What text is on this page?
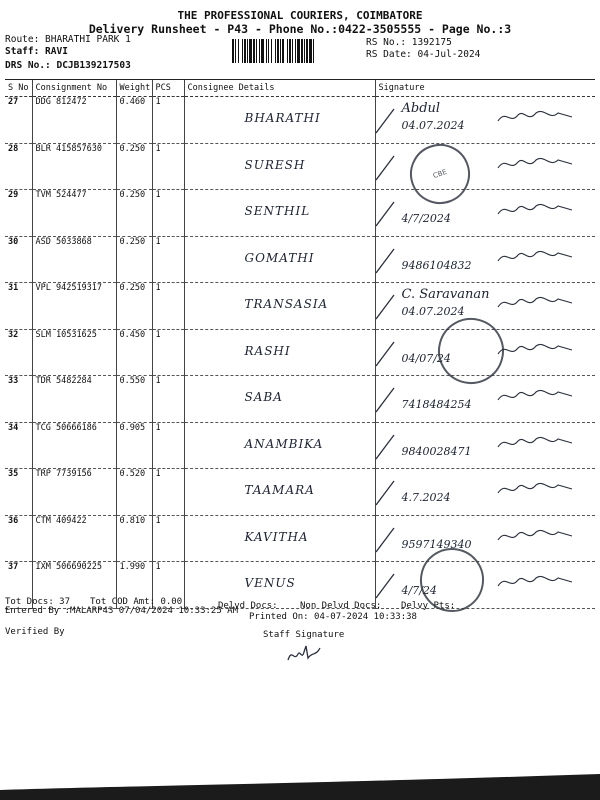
THE PROFESSIONAL COURIERS, COIMBATORE
Delivery Runsheet - P43 - Phone No.:0422-3505555 - Page No.:3
Route: BHARATHI PARK 1
Staff: RAVI
DRS No.: DCJB139217503
RS No.: 1392175
RS Date: 04-Jul-2024
S No	Consignment No	Weight	PCS	Consignee Details	Signature
27	DDG 812472	0.460	1	BHARATHI	Abdul
04.07.2024

28	BLR 415857630	0.250	1	SURESH

29	TVM 524477	0.250	1	SENTHIL	4/7/2024

30	ASD 5033868	0.250	1	GOMATHI	9486104832

31	VPL 942519317	0.250	1	TRANSASIA	C. Saravanan
04.07.2024

32	SLM 10531625	0.450	1	RASHI	04/07/24

33	TDR 5482284	0.550	1	SABA	7418484254

34	TCG 50666186	0.905	1	ANAMBIKA	9840028471

35	TRP 7739156	0.520	1	TAAMARA	4.7.2024

36	CTM 409422	0.810	1	KAVITHA	9597149340

37	IXM 506690225	1.990	1	VENUS	4/7/24
Tot Docs: 37 Tot COD Amt: 0.00	Delvd Docs: Non Delvd Docs: Delvy Pts:
Entered By :MALARP43 07/04/2024 10:33:25 AM
Printed On: 04-07-2024 10:33:38
Verified By	Staff Signature
CBE
